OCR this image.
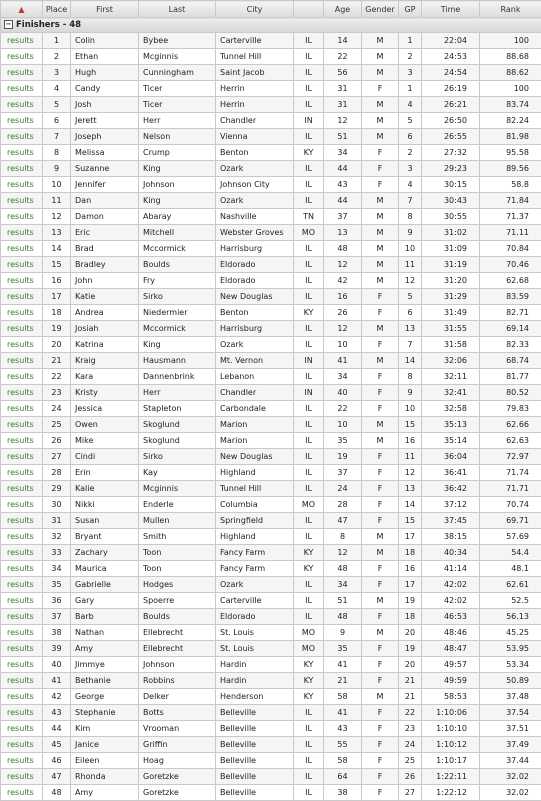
▲	Place	First	Last	City		Age	Gender	GP	Time	Rank
− Finishers - 48										
results	1	Colin	Bybee	Carterville	IL	14	M	1	22:04	100
results	2	Ethan	Mcginnis	Tunnel Hill	IL	22	M	2	24:53	88.68
results	3	Hugh	Cunningham	Saint Jacob	IL	56	M	3	24:54	88.62
results	4	Candy	Ticer	Herrin	IL	31	F	1	26:19	100
results	5	Josh	Ticer	Herrin	IL	31	M	4	26:21	83.74
results	6	Jerett	Herr	Chandler	IN	12	M	5	26:50	82.24
results	7	Joseph	Nelson	Vienna	IL	51	M	6	26:55	81.98
results	8	Melissa	Crump	Benton	KY	34	F	2	27:32	95.58
results	9	Suzanne	King	Ozark	IL	44	F	3	29:23	89.56
results	10	Jennifer	Johnson	Johnson City	IL	43	F	4	30:15	58.8
results	11	Dan	King	Ozark	IL	44	M	7	30:43	71.84
results	12	Damon	Abaray	Nashville	TN	37	M	8	30:55	71.37
results	13	Eric	Mitchell	Webster Groves	MO	13	M	9	31:02	71.11
results	14	Brad	Mccormick	Harrisburg	IL	48	M	10	31:09	70.84
results	15	Bradley	Boulds	Eldorado	IL	12	M	11	31:19	70.46
results	16	John	Fry	Eldorado	IL	42	M	12	31:20	62.68
results	17	Katie	Sirko	New Douglas	IL	16	F	5	31:29	83.59
results	18	Andrea	Niedermier	Benton	KY	26	F	6	31:49	82.71
results	19	Josiah	Mccormick	Harrisburg	IL	12	M	13	31:55	69.14
results	20	Katrina	King	Ozark	IL	10	F	7	31:58	82.33
results	21	Kraig	Hausmann	Mt. Vernon	IN	41	M	14	32:06	68.74
results	22	Kara	Dannenbrink	Lebanon	IL	34	F	8	32:11	81.77
results	23	Kristy	Herr	Chandler	IN	40	F	9	32:41	80.52
results	24	Jessica	Stapleton	Carbondale	IL	22	F	10	32:58	79.83
results	25	Owen	Skoglund	Marion	IL	10	M	15	35:13	62.66
results	26	Mike	Skoglund	Marion	IL	35	M	16	35:14	62.63
results	27	Cindi	Sirko	New Douglas	IL	19	F	11	36:04	72.97
results	28	Erin	Kay	Highland	IL	37	F	12	36:41	71.74
results	29	Kalie	Mcginnis	Tunnel Hill	IL	24	F	13	36:42	71.71
results	30	Nikki	Enderle	Columbia	MO	28	F	14	37:12	70.74
results	31	Susan	Mullen	Springfield	IL	47	F	15	37:45	69.71
results	32	Bryant	Smith	Highland	IL	8	M	17	38:15	57.69
results	33	Zachary	Toon	Fancy Farm	KY	12	M	18	40:34	54.4
results	34	Maurica	Toon	Fancy Farm	KY	48	F	16	41:14	48.1
results	35	Gabrielle	Hodges	Ozark	IL	34	F	17	42:02	62.61
results	36	Gary	Spoerre	Carterville	IL	51	M	19	42:02	52.5
results	37	Barb	Boulds	Eldorado	IL	48	F	18	46:53	56.13
results	38	Nathan	Ellebrecht	St. Louis	MO	9	M	20	48:46	45.25
results	39	Amy	Ellebrecht	St. Louis	MO	35	F	19	48:47	53.95
results	40	Jimmye	Johnson	Hardin	KY	41	F	20	49:57	53.34
results	41	Bethanie	Robbins	Hardin	KY	21	F	21	49:59	50.89
results	42	George	Delker	Henderson	KY	58	M	21	58:53	37.48
results	43	Stephanie	Botts	Belleville	IL	41	F	22	1:10:06	37.54
results	44	Kim	Vrooman	Belleville	IL	43	F	23	1:10:10	37.51
results	45	Janice	Griffin	Belleville	IL	55	F	24	1:10:12	37.49
results	46	Eileen	Hoag	Belleville	IL	58	F	25	1:10:17	37.44
results	47	Rhonda	Goretzke	Belleville	IL	64	F	26	1:22:11	32.02
results	48	Amy	Goretzke	Belleville	IL	38	F	27	1:22:12	32.02
